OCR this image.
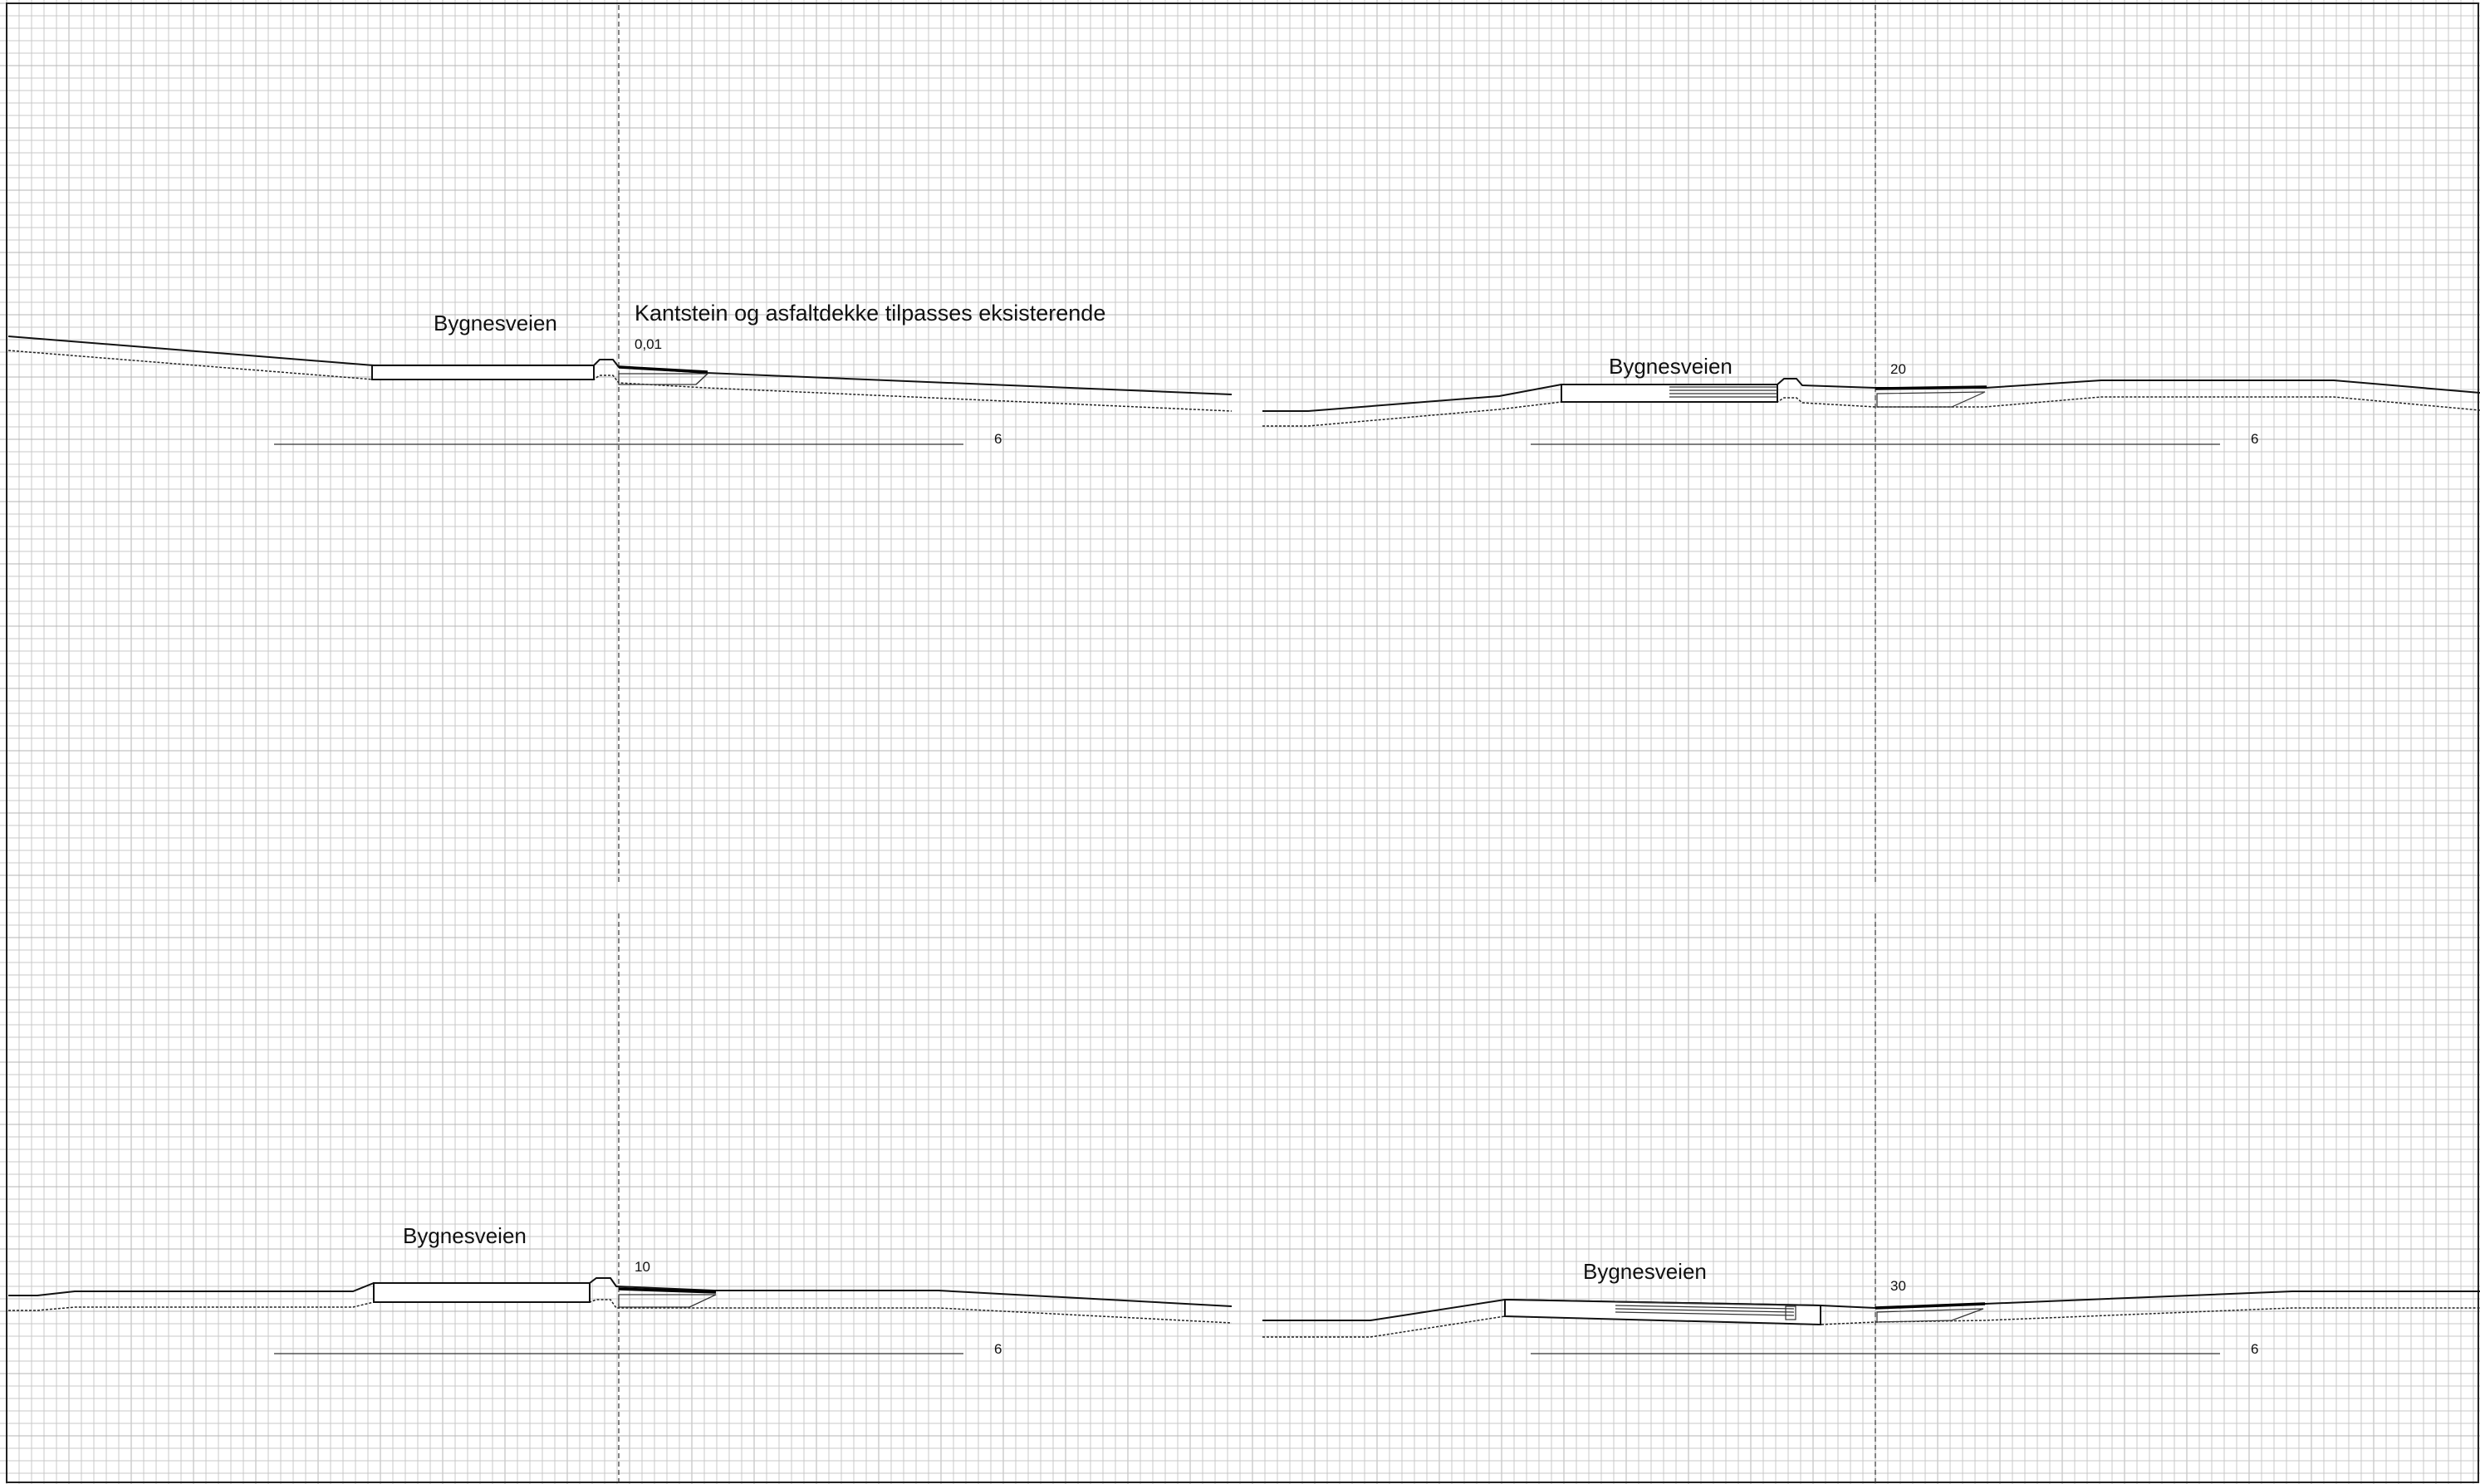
Bygnesveien	Kantstein og asfaltdekke tilpasses eksisterende
0,01
6
Bygnesveien	20
6
Bygnesveien
10
6
Bygnesveien
30
6
